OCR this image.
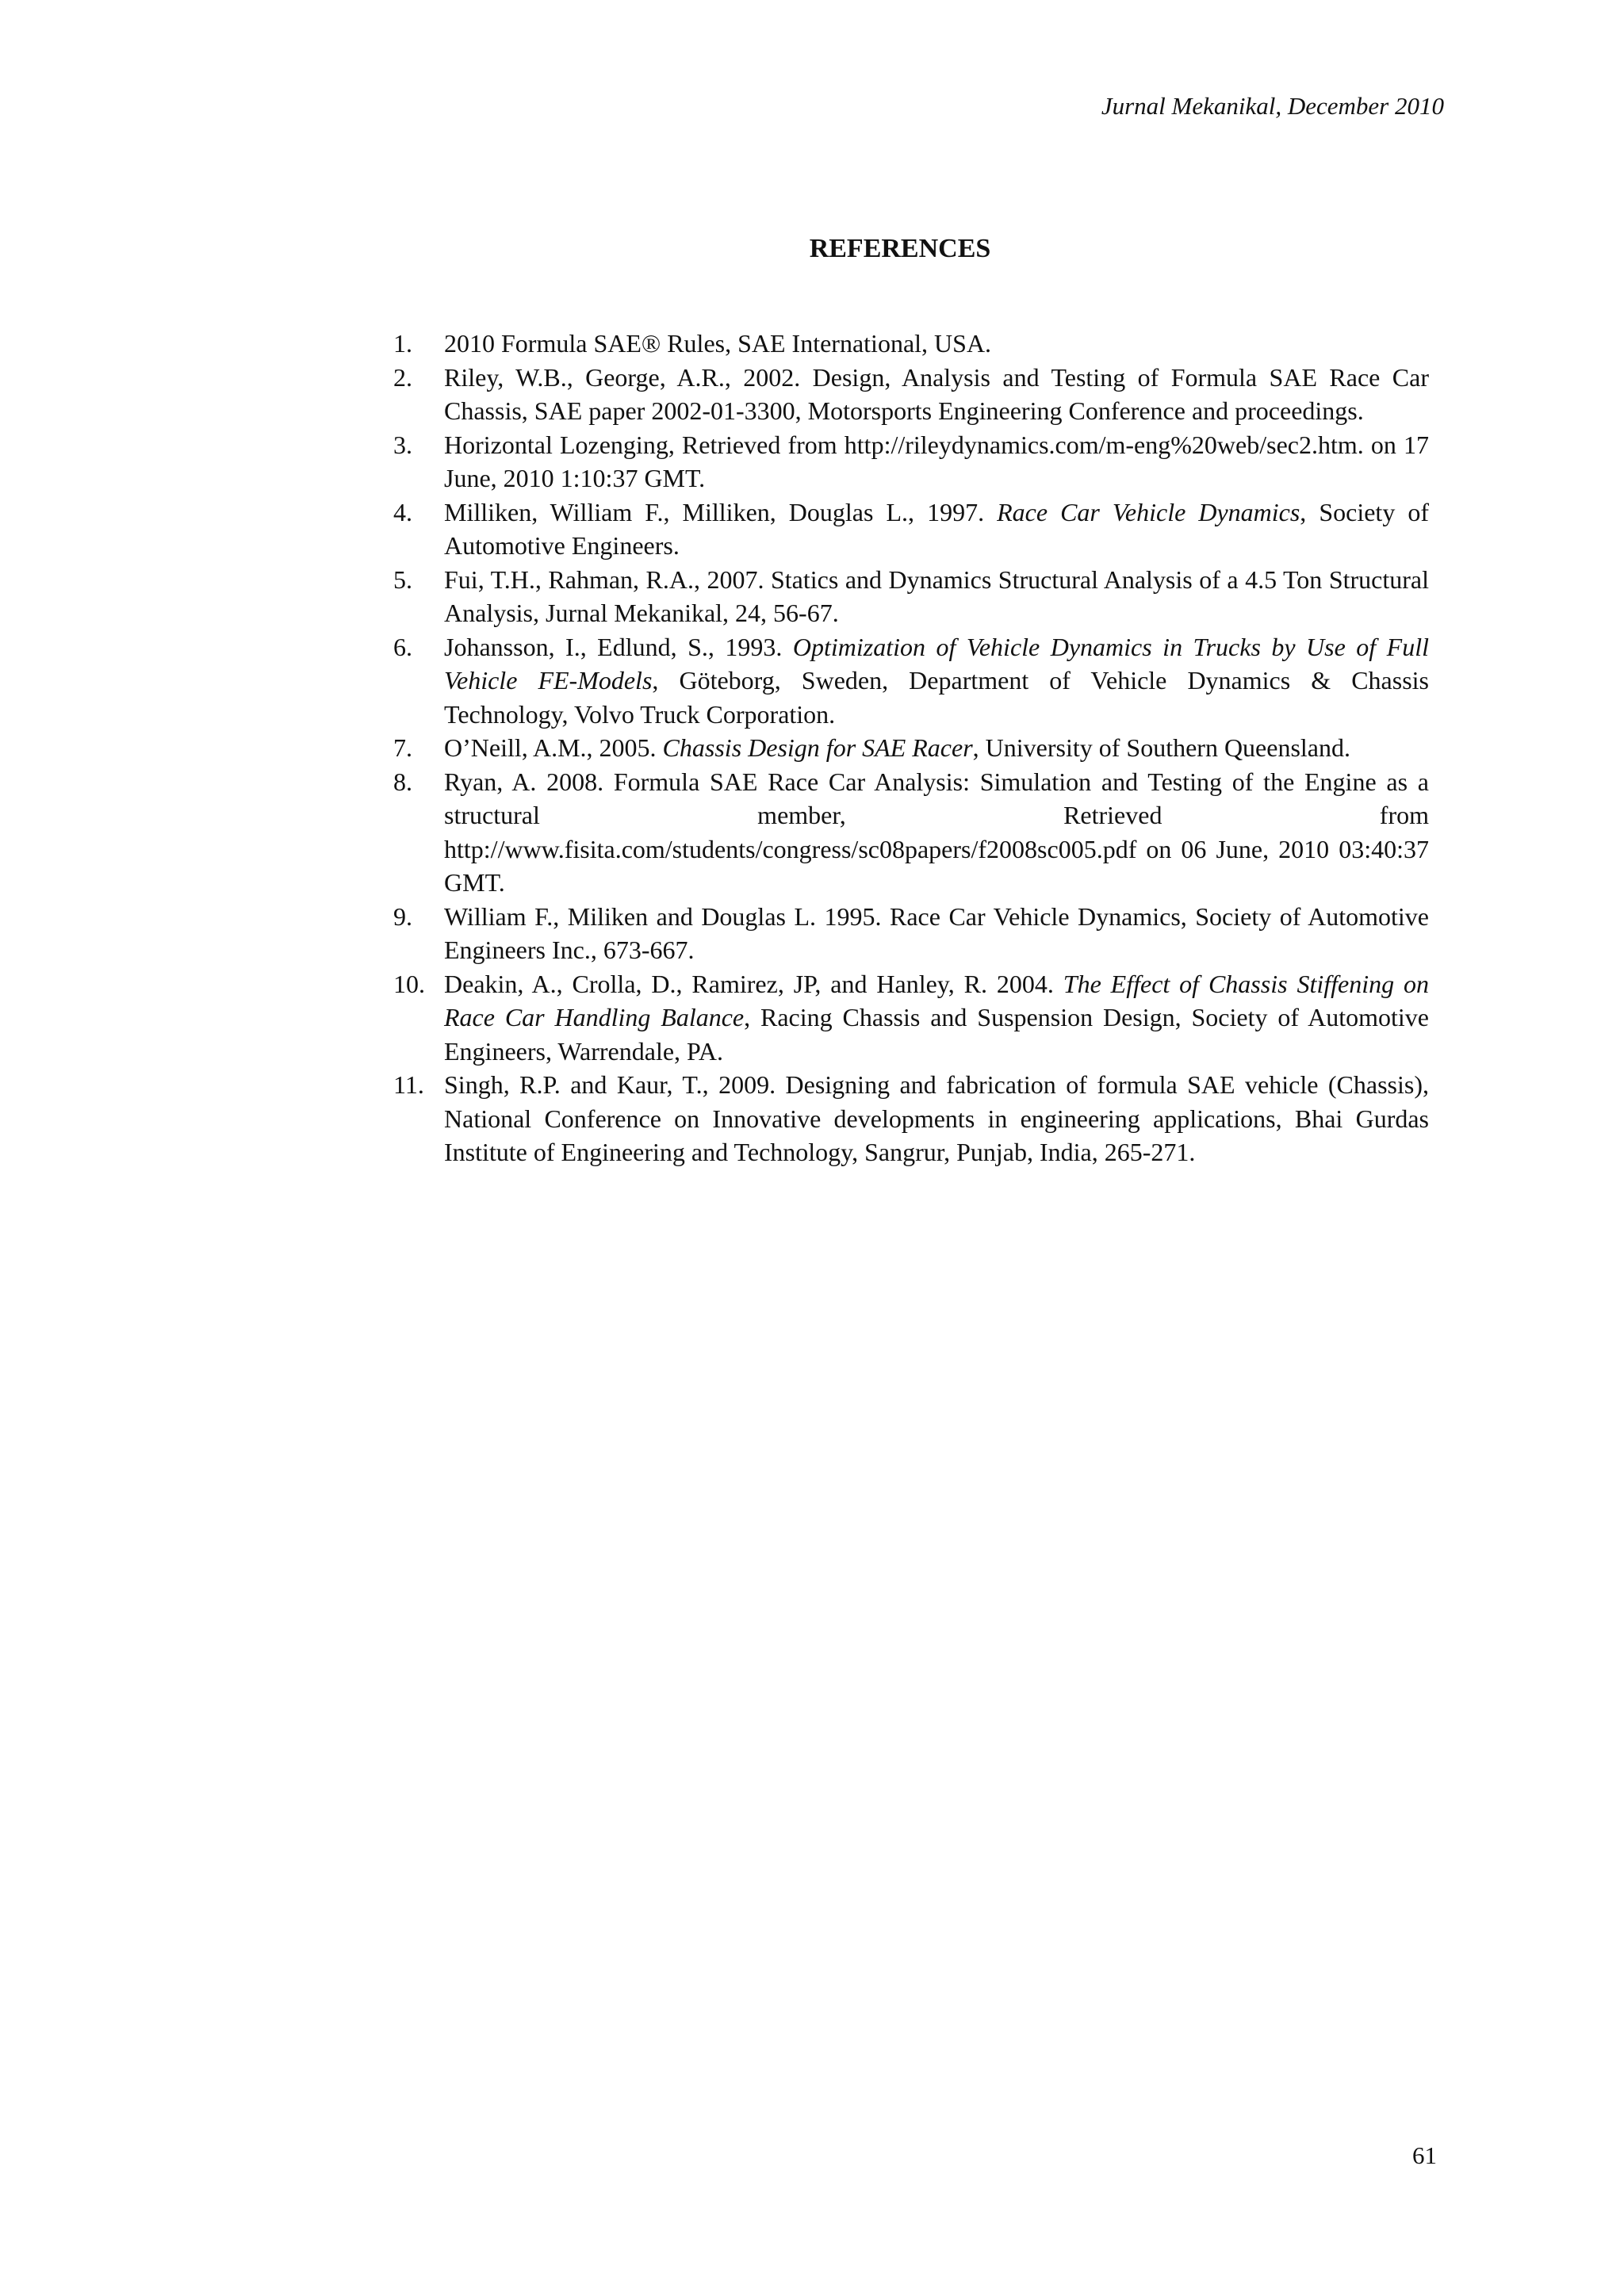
Jurnal Mekanikal, December 2010
REFERENCES
1. 2010 Formula SAE® Rules, SAE International, USA.
2. Riley, W.B., George, A.R., 2002. Design, Analysis and Testing of Formula SAE Race Car Chassis, SAE paper 2002-01-3300, Motorsports Engineering Conference and proceedings.
3. Horizontal Lozenging, Retrieved from http://rileydynamics.com/m-eng%20web/sec2.htm. on 17 June, 2010 1:10:37 GMT.
4. Milliken, William F., Milliken, Douglas L., 1997. Race Car Vehicle Dynamics, Society of Automotive Engineers.
5. Fui, T.H., Rahman, R.A., 2007. Statics and Dynamics Structural Analysis of a 4.5 Ton Structural Analysis, Jurnal Mekanikal, 24, 56-67.
6. Johansson, I., Edlund, S., 1993. Optimization of Vehicle Dynamics in Trucks by Use of Full Vehicle FE-Models, Göteborg, Sweden, Department of Vehicle Dynamics & Chassis Technology, Volvo Truck Corporation.
7. O’Neill, A.M., 2005. Chassis Design for SAE Racer, University of Southern Queensland.
8. Ryan, A. 2008. Formula SAE Race Car Analysis: Simulation and Testing of the Engine as a structural member, Retrieved from http://www.fisita.com/students/congress/sc08papers/f2008sc005.pdf on 06 June, 2010 03:40:37 GMT.
9. William F., Miliken and Douglas L. 1995. Race Car Vehicle Dynamics, Society of Automotive Engineers Inc., 673-667.
10. Deakin, A., Crolla, D., Ramirez, JP, and Hanley, R. 2004. The Effect of Chassis Stiffening on Race Car Handling Balance, Racing Chassis and Suspension Design, Society of Automotive Engineers, Warrendale, PA.
11. Singh, R.P. and Kaur, T., 2009. Designing and fabrication of formula SAE vehicle (Chassis), National Conference on Innovative developments in engineering applications, Bhai Gurdas Institute of Engineering and Technology, Sangrur, Punjab, India, 265-271.
61
